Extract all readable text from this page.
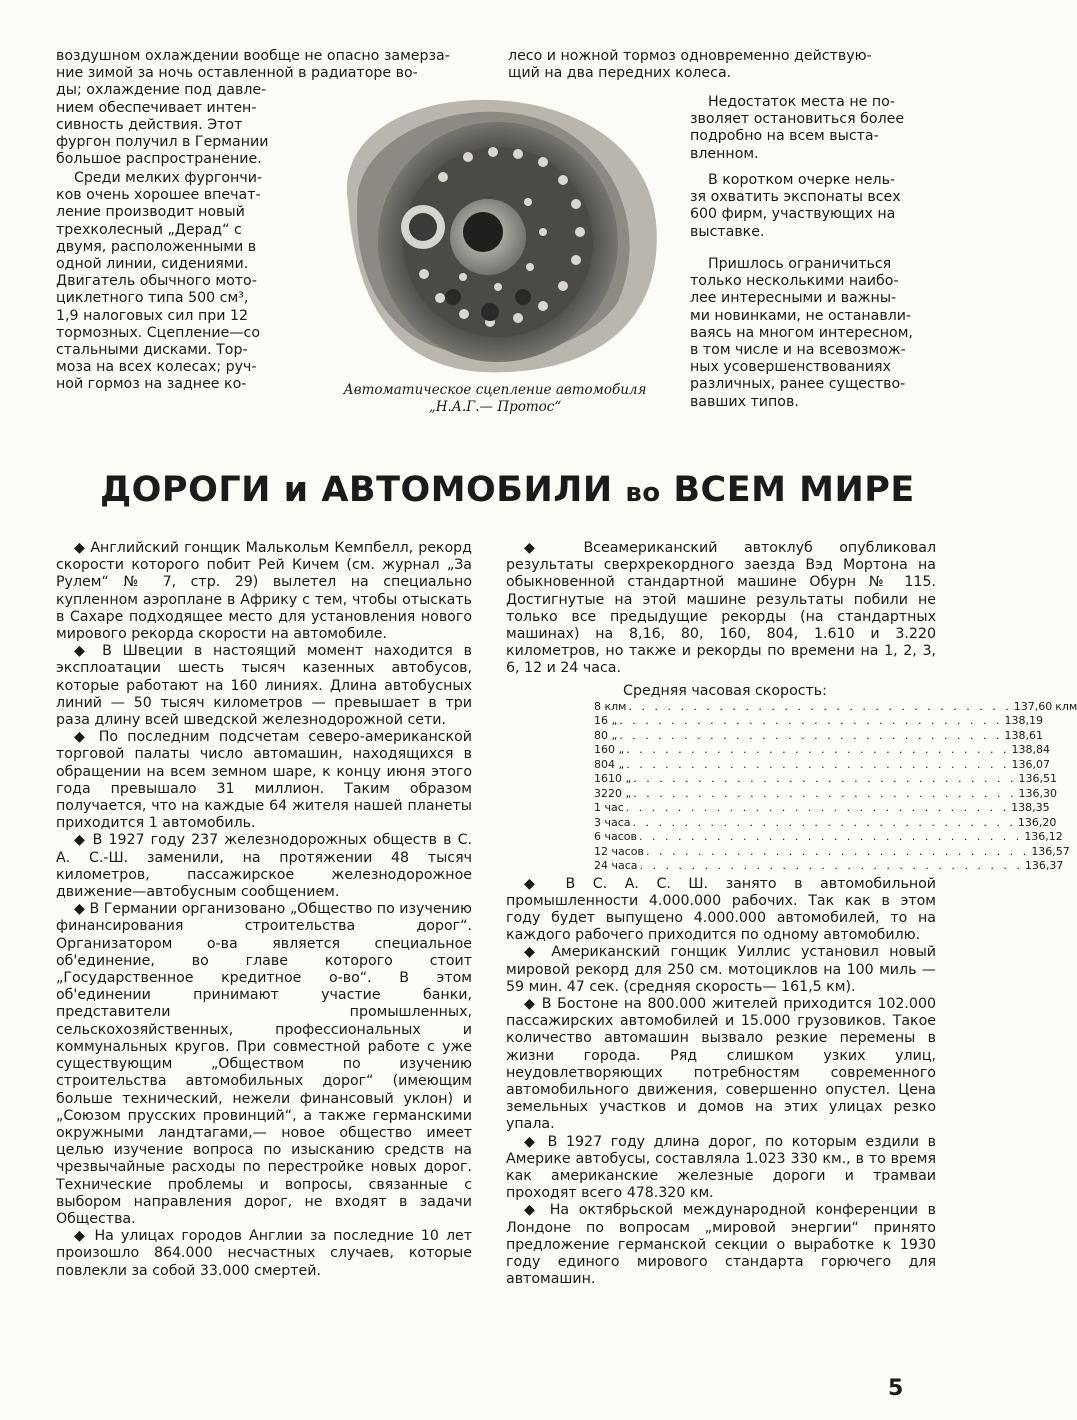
воздушном охлаждении вообще не опасно замерза-
ние зимой за ночь оставленной в радиаторе во-
ды; охлаждение под давле-
нием обеспечивает интен-
сивность действия. Этот
фургон получил в Германии
большое распространение.
Среди мелких фургончи-
ков очень хорошее впечат-
ление производит новый
трехколесный „Дерад“ с
двумя, расположенными в
одной линии, сидениями.
Двигатель обычного мото-
циклетного типа 500 см³,
1,9 налоговых сил при 12
тормозных. Сцепление—со
стальными дисками. Тор-
моза на всех колесах; руч-
ной гормоз на заднее ко-	Автоматическое сцепление автомобиля
„Н.А.Г.— Протос“
лесо и ножной тормоз одновременно действую-
щий на два передних колеса.
Недостаток места не по-
зволяет остановиться более
подробно на всем выста-
вленном.
В коротком очерке нель-
зя охватить экспонаты всех
600 фирм, участвующих на
выставке.
Пришлось ограничиться
только несколькими наибо-
лее интересными и важны-
ми новинками, не останавли-
ваясь на многом интересном,
в том числе и на всевозмож-
ных усовершенствованиях
различных, ранее существо-
вавших типов.
ДОРОГИ и АВТОМОБИЛИ во ВСЕМ МИРЕ

◆ Английский гонщик Малькольм Кемпбелл, рекорд скорости которого побит Рей Кичем (см. журнал „За Рулем“ № 7, стр. 29) вылетел на специально купленном аэроплане в Африку с тем, чтобы отыскать в Сахаре подходящее место для установления нового мирового рекорда скорости на автомобиле.

◆ В Швеции в настоящий момент находится в эксплоатации шесть тысяч казенных автобусов, которые работают на 160 линиях. Длина автобусных линий — 50 тысяч километров — превышает в три раза длину всей шведской железнодорожной сети.

◆ По последним подсчетам северо-американской торговой палаты число автомашин, находящихся в обращении на всем земном шаре, к концу июня этого года превышало 31 миллион. Таким образом получается, что на каждые 64 жителя нашей планеты приходится 1 автомобиль.

◆ В 1927 году 237 железнодорожных обществ в С. А. С.-Ш. заменили, на протяжении 48 тысяч километров, пассажирское железнодорожное движение—автобусным сообщением.

◆ В Германии организовано „Общество по изучению финансирования строительства дорог“. Организатором о-ва является специальное об'единение, во главе которого стоит „Государственное кредитное о-во“. В этом об'единении принимают участие банки, представители промышленных, сельскохозяйственных, профессиональных и коммунальных кругов. При совместной работе с уже существующим „Обществом по изучению строительства автомобильных дорог“ (имеющим больше технический, нежели финансовый уклон) и „Союзом прусских провинций“, а также германскими окружными ландтагами,— новое общество имеет целью изучение вопроса по изысканию средств на чрезвычайные расходы по перестройке новых дорог. Технические проблемы и вопросы, связанные с выбором направления дорог, не входят в задачи Общества.

◆ На улицах городов Англии за последние 10 лет произошло 864.000 несчастных случаев, которые повлекли за собой 33.000 смертей.

◆ Всеамериканский автоклуб опубликовал результаты сверхрекордного заезда Вэд Мортона на обыкновенной стандартной машине Обурн № 115. Достигнутые на этой машине результаты побили не только все предыдущие рекорды (на стандартных машинах) на 8,16, 80, 160, 804, 1.610 и 3.220 километров, но также и рекорды по времени на 1, 2, 3, 6, 12 и 24 часа.

Средняя часовая скорость:
8 клм . . . . . . . . . . . . . . . . . . . . . . . . . . . . . . 137,60 клм
16 „ . . . . . . . . . . . . . . . . . . . . . . . . . . . . . . 138,19
80 „ . . . . . . . . . . . . . . . . . . . . . . . . . . . . . . 138,61
160 „ . . . . . . . . . . . . . . . . . . . . . . . . . . . . . . 138,84
804 „ . . . . . . . . . . . . . . . . . . . . . . . . . . . . . . 136,07
1610 „ . . . . . . . . . . . . . . . . . . . . . . . . . . . . . . 136,51
3220 „ . . . . . . . . . . . . . . . . . . . . . . . . . . . . . . 136,30
1 час . . . . . . . . . . . . . . . . . . . . . . . . . . . . . . 138,35
3 часа . . . . . . . . . . . . . . . . . . . . . . . . . . . . . . 136,20
6 часов . . . . . . . . . . . . . . . . . . . . . . . . . . . . . . 136,12
12 часов . . . . . . . . . . . . . . . . . . . . . . . . . . . . . . 136,57
24 часа . . . . . . . . . . . . . . . . . . . . . . . . . . . . . . 136,37

◆ В С. А. С. Ш. занято в автомобильной промышленности 4.000.000 рабочих. Так как в этом году будет выпущено 4.000.000 автомобилей, то на каждого рабочего приходится по одному автомобилю.

◆ Американский гонщик Уиллис установил новый мировой рекорд для 250 см. мотоциклов на 100 миль — 59 мин. 47 сек. (средняя скорость— 161,5 км).

◆ В Бостоне на 800.000 жителей приходится 102.000 пассажирских автомобилей и 15.000 грузовиков. Такое количество автомашин вызвало резкие перемены в жизни города. Ряд слишком узких улиц, неудовлетворяющих потребностям современного автомобильного движения, совершенно опустел. Цена земельных участков и домов на этих улицах резко упала.

◆ В 1927 году длина дорог, по которым ездили в Америке автобусы, составляла 1.023 330 км., в то время как американские железные дороги и трамваи проходят всего 478.320 км.

◆ На октябрьской международной конференции в Лондоне по вопросам „мировой энергии“ принято предложение германской секции о выработке к 1930 году единого мирового стандарта горючего для автомашин.

5
